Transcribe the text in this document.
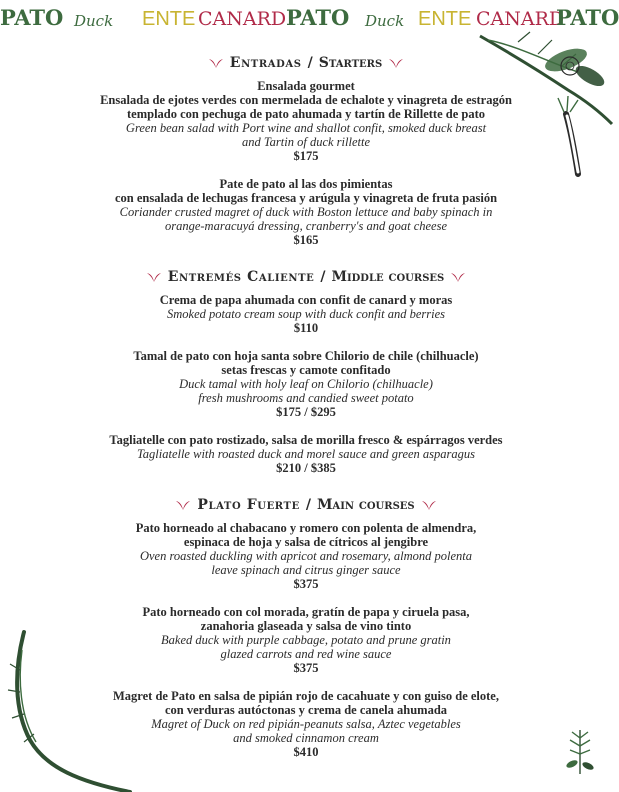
PATO Duck ENTE CANARD PATO Duck ENTE CANARD
PATO
Entradas / Starters
Ensalada gourmet
Ensalada de ejotes verdes con mermelada de echalote y vinagreta de estragón
templado con pechuga de pato ahumada y tartín de Rillette de pato
Green bean salad with Port wine and shallot confit, smoked duck breast
and Tartin of duck rillette
$175
Pate de pato al las dos pimientas
con ensalada de lechugas francesa y arúgula y vinagreta de fruta pasión
Coriander crusted magret of duck with Boston lettuce and baby spinach in
orange-maracuyá dressing, cranberry's and goat cheese
$165
Entremés Caliente / Middle courses
Crema de papa ahumada con confit de canard y moras
Smoked potato cream soup with duck confit and berries
$110
Tamal de pato con hoja santa sobre Chilorio de chile (chilhuacle)
setas frescas y camote confitado
Duck tamal with holy leaf on Chilorio (chilhuacle)
fresh mushrooms and candied sweet potato
$175 / $295
Tagliatelle con pato rostizado, salsa de morilla fresco & espárragos verdes
Tagliatelle with roasted duck and morel sauce and green asparagus
$210 / $385
Plato Fuerte / Main courses
Pato horneado al chabacano y romero con polenta de almendra,
espinaca de hoja y salsa de cítricos al jengibre
Oven roasted duckling with apricot and rosemary, almond polenta
leave spinach and citrus ginger sauce
$375
Pato horneado con col morada, gratín de papa y ciruela pasa,
zanahoria glaseada y salsa de vino tinto
Baked duck with purple cabbage, potato and prune gratin
glazed carrots and red wine sauce
$375
Magret de Pato en salsa de pipián rojo de cacahuate y con guiso de elote,
con verduras autóctonas y crema de canela ahumada
Magret of Duck on red pipián-peanuts salsa, Aztec vegetables
and smoked cinnamon cream
$410
